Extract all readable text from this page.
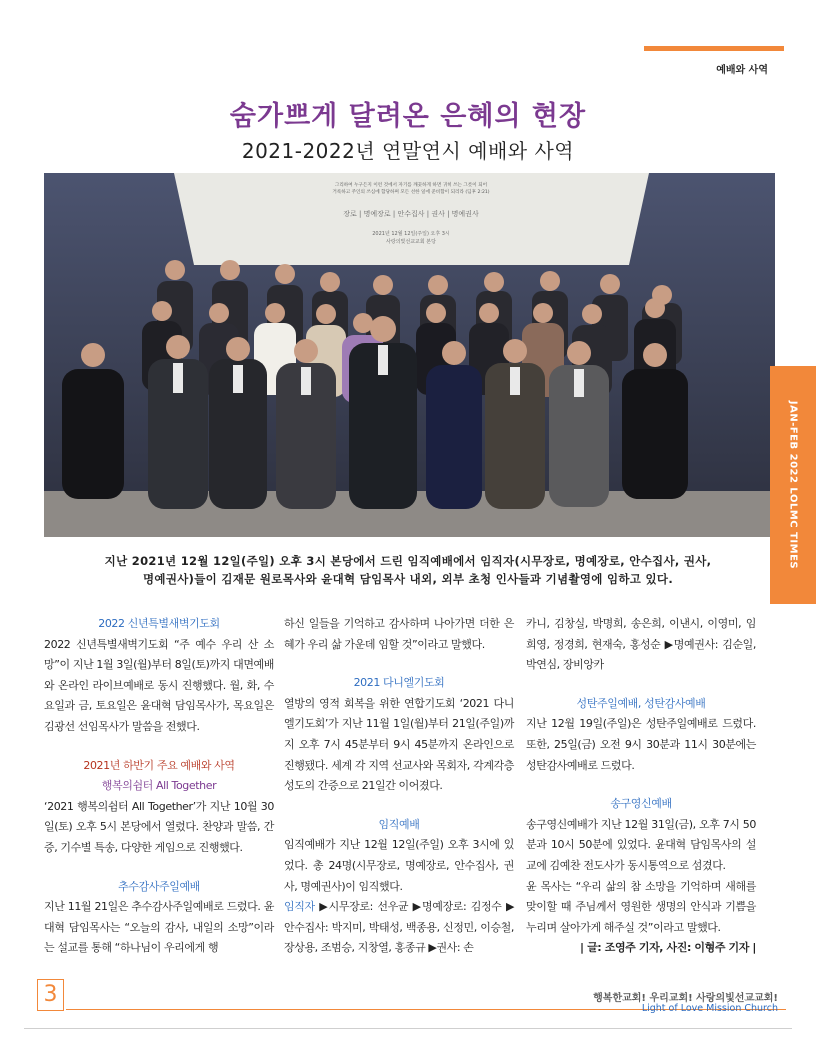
예배와 사역
숨가쁘게 달려온 은혜의 현장
2021-2022년 연말연시 예배와 사역
그리하여 누구든지 이런 것에서 자기를 깨끗하게 하면 귀히 쓰는 그릇이 되어
거룩하고 주인의 쓰심에 합당하며 모든 선한 일에 준비함이 되리라 (딤후 2:21)
장로 | 명예장로 | 안수집사 | 권사 | 명예권사
2021년 12월 12일(주일) 오후 3시
사랑의빛선교교회 본당
JAN-FEB 2022 LOLMC TIMES
지난 2021년 12월 12일(주일) 오후 3시 본당에서 드린 임직예배에서 임직자(시무장로, 명예장로, 안수집사, 권사,
명예권사)들이 김재문 원로목사와 윤대혁 담임목사 내외, 외부 초청 인사들과 기념촬영에 임하고 있다.
2022 신년특별새벽기도회

2022 신년특별새벽기도회 “주 예수 우리 산 소망”이 지난 1월 3일(월)부터 8일(토)까지 대면예배와 온라인 라이브예배로 동시 진행했다. 월, 화, 수요일과 금, 토요일은 윤대혁 담임목사가, 목요일은 김광선 선임목사가 말씀을 전했다.

2021년 하반기 주요 예배와 사역
행복의쉼터 All Together

‘2021 행복의쉼터 All Together’가 지난 10월 30일(토) 오후 5시 본당에서 열렸다. 찬양과 말씀, 간증, 기수별 특송, 다양한 게임으로 진행했다.

추수감사주일예배

지난 11월 21일은 추수감사주일예배로 드렸다. 윤대혁 담임목사는 “오늘의 감사, 내일의 소망”이라는 설교를 통해 “하나님이 우리에게 행

하신 일들을 기억하고 감사하며 나아가면 더한 은혜가 우리 삶 가운데 임할 것”이라고 말했다.

2021 다니엘기도회

열방의 영적 회복을 위한 연합기도회 ‘2021 다니엘기도회’가 지난 11월 1일(월)부터 21일(주일)까지 오후 7시 45분부터 9시 45분까지 온라인으로 진행됐다. 세계 각 지역 선교사와 목회자, 각계각층 성도의 간증으로 21일간 이어졌다.

임직예배

임직예배가 지난 12월 12일(주일) 오후 3시에 있었다. 총 24명(시무장로, 명예장로, 안수집사, 권사, 명예권사)이 임직했다.

임직자 ▶시무장로: 선우균 ▶명예장로: 김정수 ▶안수집사: 박지미, 박태성, 백종용, 신정민, 이승철, 장상용, 조범승, 지창열, 홍종규 ▶권사: 손

카니, 김창실, 박명희, 송은희, 이낸시, 이영미, 임희영, 정경희, 현재숙, 홍성순 ▶명예권사: 김순일, 박연심, 장비앙카

성탄주일예배, 성탄감사예배

지난 12월 19일(주일)은 성탄주일예배로 드렸다. 또한, 25일(금) 오전 9시 30분과 11시 30분에는 성탄감사예배로 드렸다.

송구영신예배

송구영신예배가 지난 12월 31일(금), 오후 7시 50분과 10시 50분에 있었다. 윤대혁 담임목사의 설교에 김예찬 전도사가 동시통역으로 섬겼다.

윤 목사는 “우리 삶의 참 소망을 기억하며 새해를 맞이할 때 주님께서 영원한 생명의 안식과 기쁨을 누리며 살아가게 해주실 것”이라고 말했다.

| 글: 조영주 기자, 사진: 이형주 기자 |

3	행복한교회! 우리교회! 사랑의빛선교교회!
Light of Love Mission Church
